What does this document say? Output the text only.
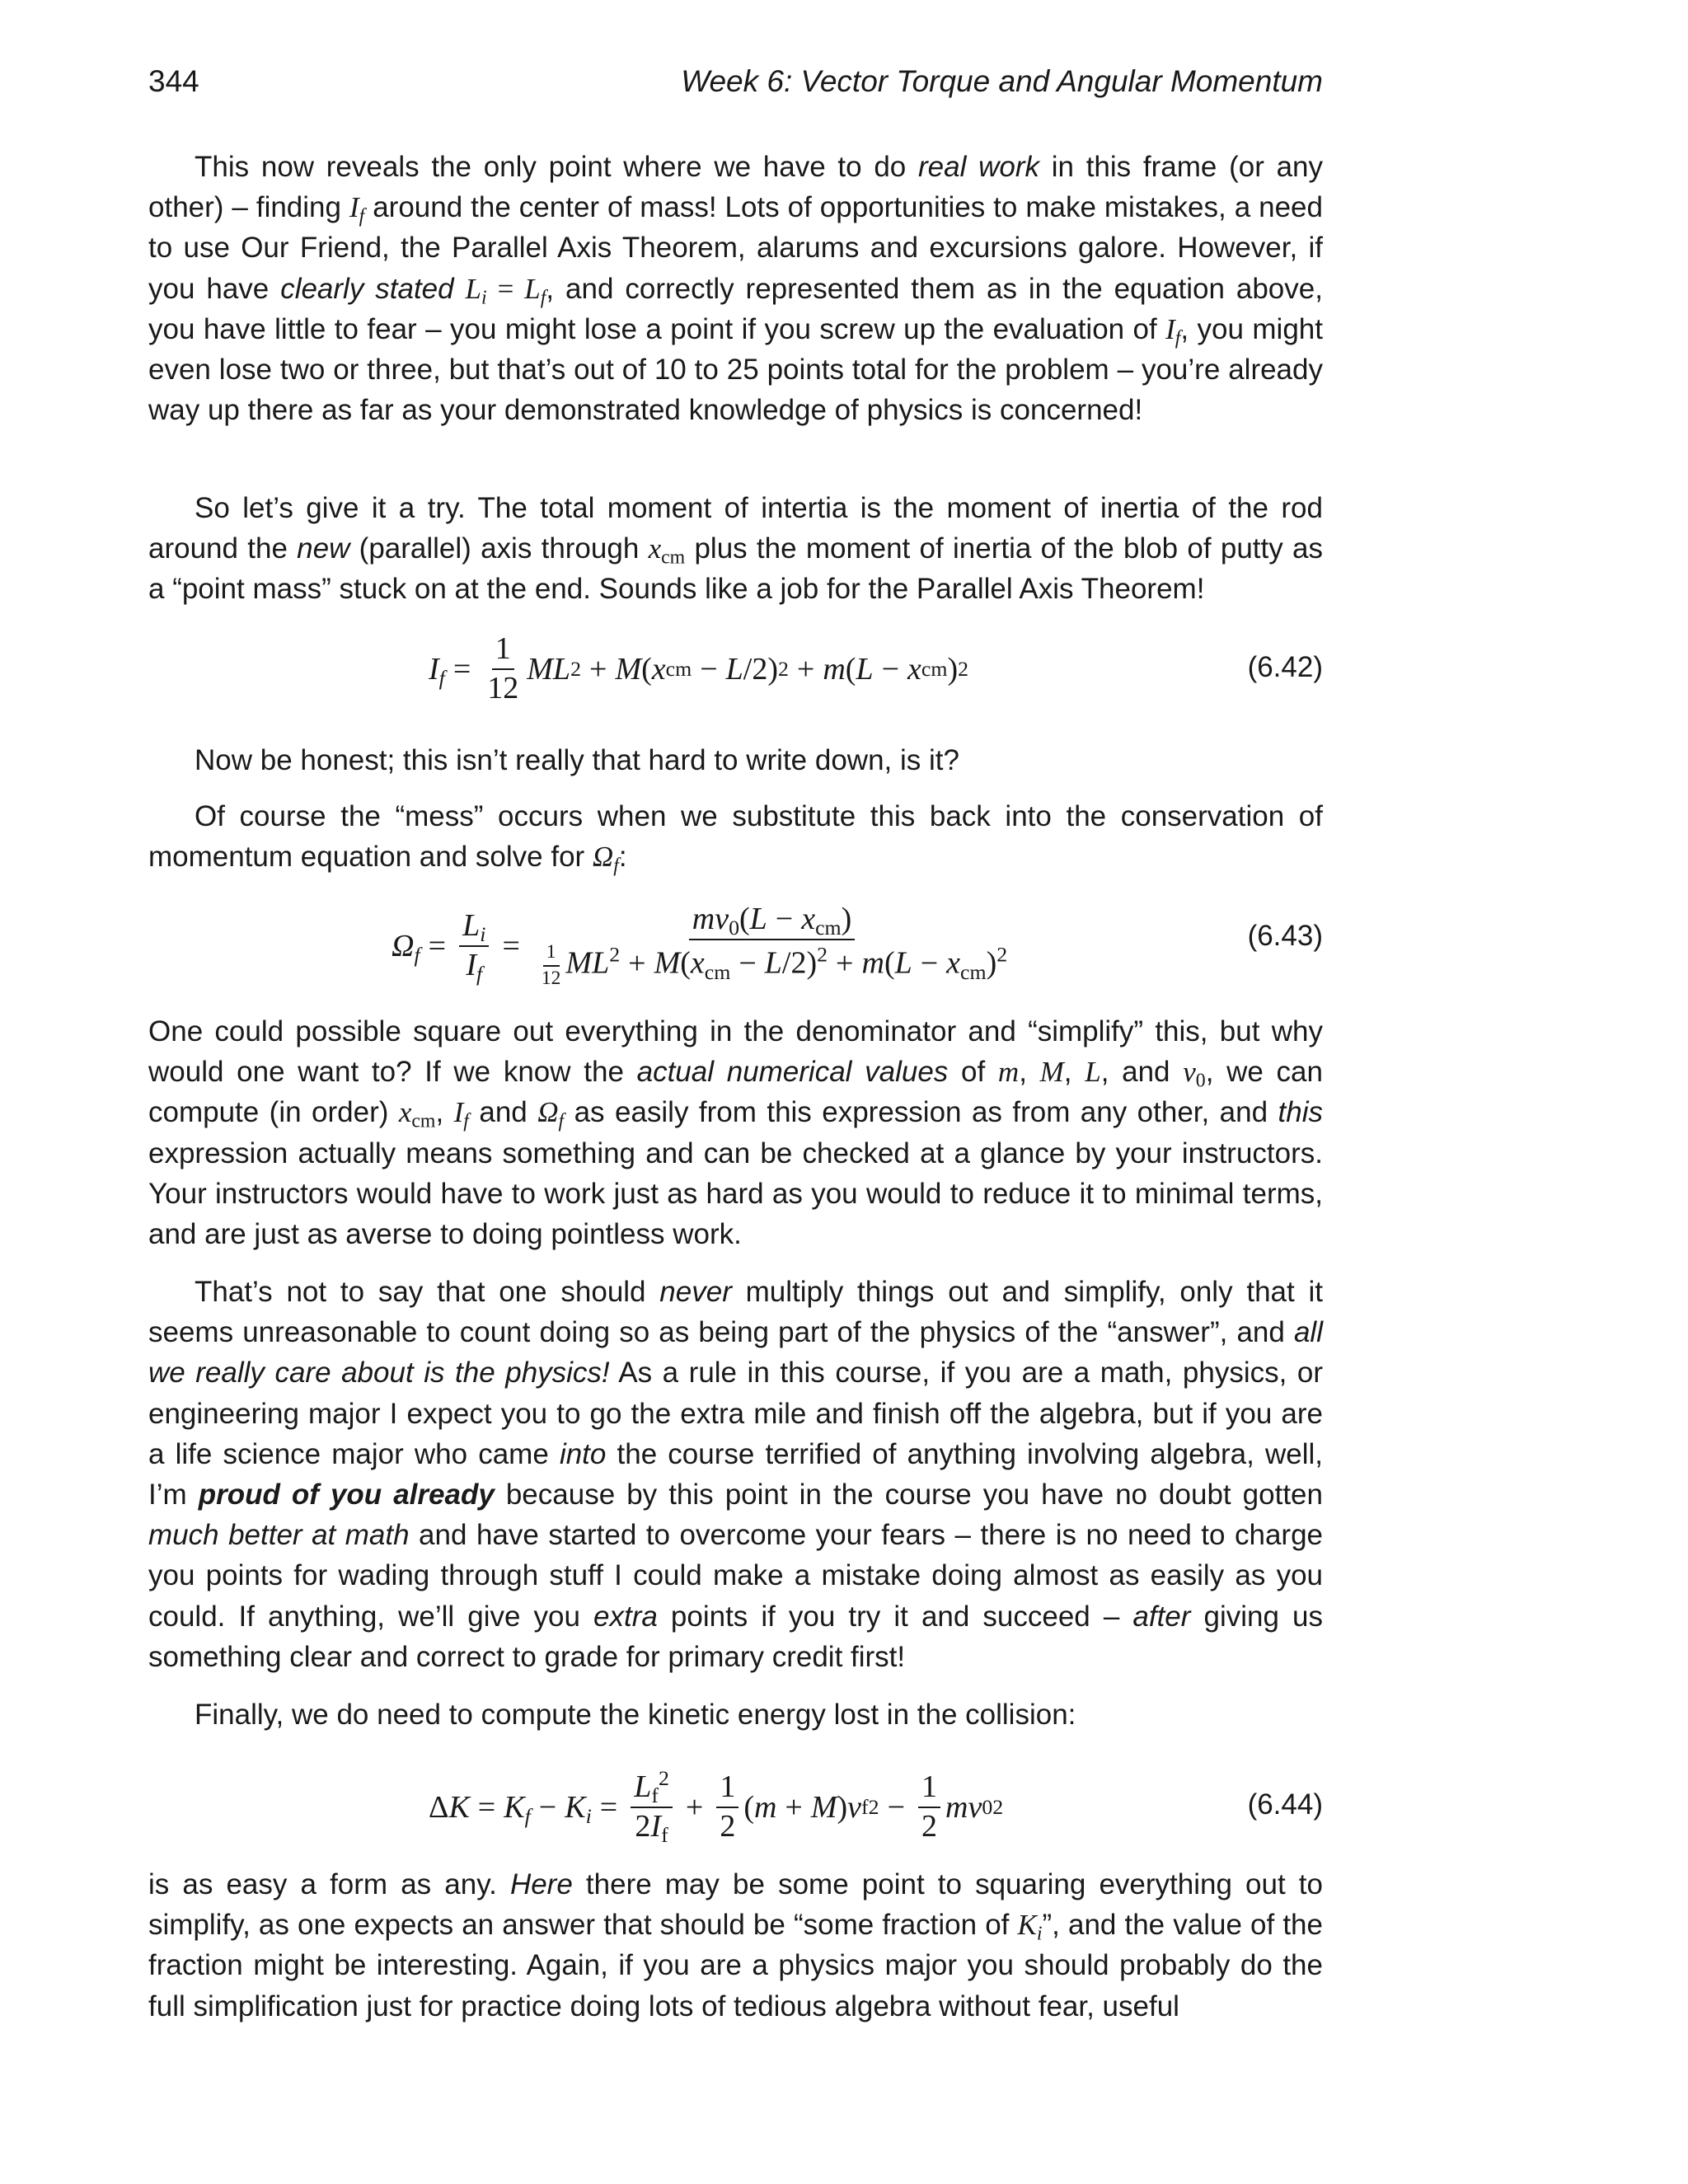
344	Week 6: Vector Torque and Angular Momentum

This now reveals the only point where we have to do real work in this frame (or any other) – finding $I_f$ around the center of mass! Lots of opportunities to make mistakes, a need to use Our Friend, the Parallel Axis Theorem, alarums and excursions galore. However, if you have clearly stated $L_i = L_f$, and correctly represented them as in the equation above, you have little to fear – you might lose a point if you screw up the evaluation of $I_f$, you might even lose two or three, but that’s out of 10 to 25 points total for the problem – you’re already way up there as far as your demonstrated knowledge of physics is concerned!

So let’s give it a try. The total moment of intertia is the moment of inertia of the rod around the new (parallel) axis through $x_{cm}$ plus the moment of inertia of the blob of putty as a “point mass” stuck on at the end. Sounds like a job for the Parallel Axis Theorem!

$I_f = \frac{1}{12}$ ML 2 + M ( x cm − L /2) 2 + m ( L − x cm ) 2	(6.42)

Now be honest; this isn’t really that hard to write down, is it?

Of course the “mess” occurs when we substitute this back into the conservation of momentum equation and solve for $\Omega_f$:

$\Omega_f = \frac{L_i}{I_f} = \frac{mv_0(L - x_{cm})}{\frac{1}{12} ML^2 + M(x_{cm} - L/2)^2 + m(L - x_{cm})^2}$	(6.43)

One could possible square out everything in the denominator and “simplify” this, but why would one want to? If we know the actual numerical values of m, M, L, and $v_0$, we can compute (in order) $x_{cm}$, $I_f$ and $\Omega_f$ as easily from this expression as from any other, and this expression actually means something and can be checked at a glance by your instructors. Your instructors would have to work just as hard as you would to reduce it to minimal terms, and are just as averse to doing pointless work.

That’s not to say that one should never multiply things out and simplify, only that it seems unreasonable to count doing so as being part of the physics of the “answer”, and all we really care about is the physics! As a rule in this course, if you are a math, physics, or engineering major I expect you to go the extra mile and finish off the algebra, but if you are a life science major who came into the course terrified of anything involving algebra, well, I’m proud of you already because by this point in the course you have no doubt gotten much better at math and have started to overcome your fears – there is no need to charge you points for wading through stuff I could make a mistake doing almost as easily as you could. If anything, we’ll give you extra points if you try it and succeed – after giving us something clear and correct to grade for primary credit first!

Finally, we do need to compute the kinetic energy lost in the collision:

Δ $K = K_f - K_i = \frac{L_f^2}{2I_f} + \frac{1}{2}$ ( m + M ) v f $2 - \frac{1}{2}$ mv 0 2	(6.44)

is as easy a form as any. Here there may be some point to squaring everything out to simplify, as one expects an answer that should be “some fraction of $K_i$”, and the value of the fraction might be interesting. Again, if you are a physics major you should probably do the full simplification just for practice doing lots of tedious algebra without fear, useful
